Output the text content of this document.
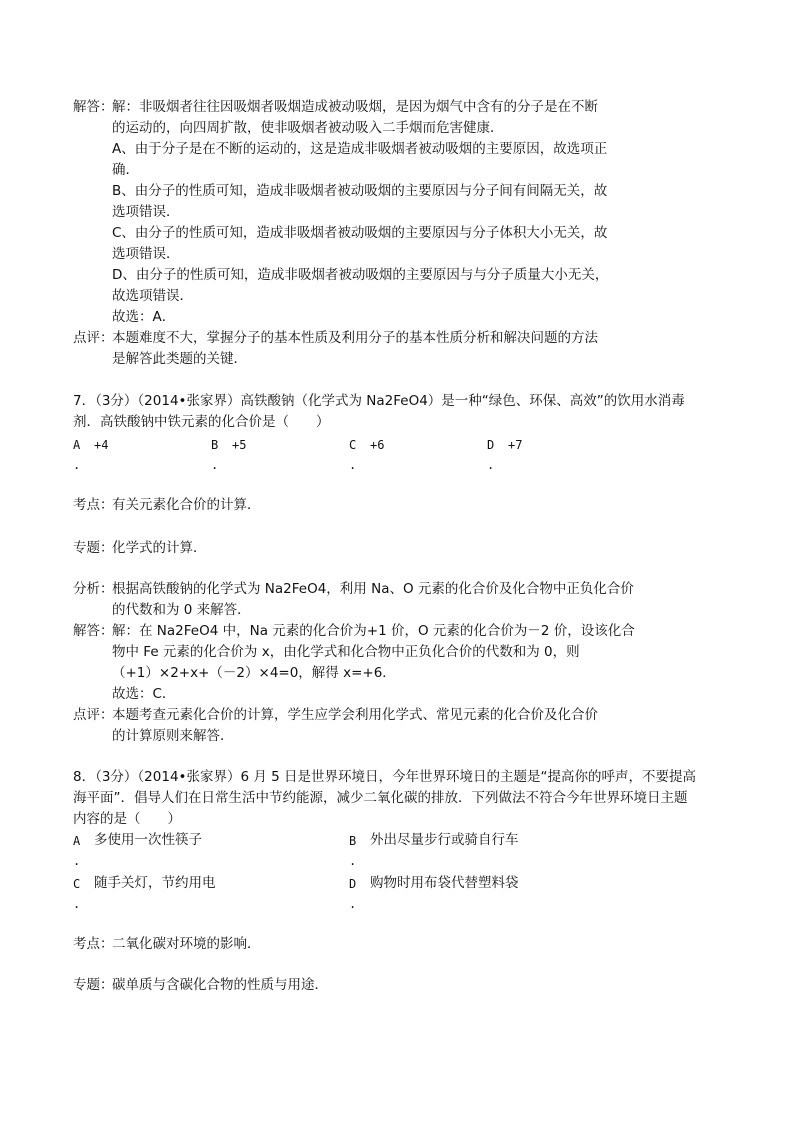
解答：
解：非吸烟者往往因吸烟者吸烟造成被动吸烟，是因为烟气中含有的分子是在不断
的运动的，向四周扩散，使非吸烟者被动吸入二手烟而危害健康．
A、由于分子是在不断的运动的，这是造成非吸烟者被动吸烟的主要原因，故选项正
确．
B、由分子的性质可知，造成非吸烟者被动吸烟的主要原因与分子间有间隔无关，故
选项错误．
C、由分子的性质可知，造成非吸烟者被动吸烟的主要原因与分子体积大小无关，故
选项错误．
D、由分子的性质可知，造成非吸烟者被动吸烟的主要原因与与分子质量大小无关，
故选项错误．
故选：A．
点评：
本题难度不大，掌握分子的基本性质及利用分子的基本性质分析和解决问题的方法
是解答此类题的关键．
7．（3分）（2014•张家界）高铁酸钠（化学式为 Na2FeO4）是一种“绿色、环保、高效”的饮用水消毒
剂．高铁酸钠中铁元素的化合价是（　　）
A +4
.
B +5
.
C +6
.
D +7
.
考点：
有关元素化合价的计算．
专题：
化学式的计算．
分析：
根据高铁酸钠的化学式为 Na2FeO4，利用 Na、O 元素的化合价及化合物中正负化合价
的代数和为 0 来解答．
解答：
解：在 Na2FeO4 中，Na 元素的化合价为+1 价，O 元素的化合价为－2 价，设该化合
物中 Fe 元素的化合价为 x，由化学式和化合物中正负化合价的代数和为 0，则
（+1）×2+x+（－2）×4=0，解得 x=+6．
故选：C．
点评：
本题考查元素化合价的计算，学生应学会利用化学式、常见元素的化合价及化合价
的计算原则来解答．
8．（3分）（2014•张家界）6 月 5 日是世界环境日，今年世界环境日的主题是“提高你的呼声，不要提高
海平面”．倡导人们在日常生活中节约能源，减少二氧化碳的排放．下列做法不符合今年世界环境日主题
内容的是（　　）
A 多使用一次性筷子
.
B 外出尽量步行或骑自行车
.
C 随手关灯，节约用电
.
D 购物时用布袋代替塑料袋
.
考点：
二氧化碳对环境的影响．
专题：
碳单质与含碳化合物的性质与用途．
